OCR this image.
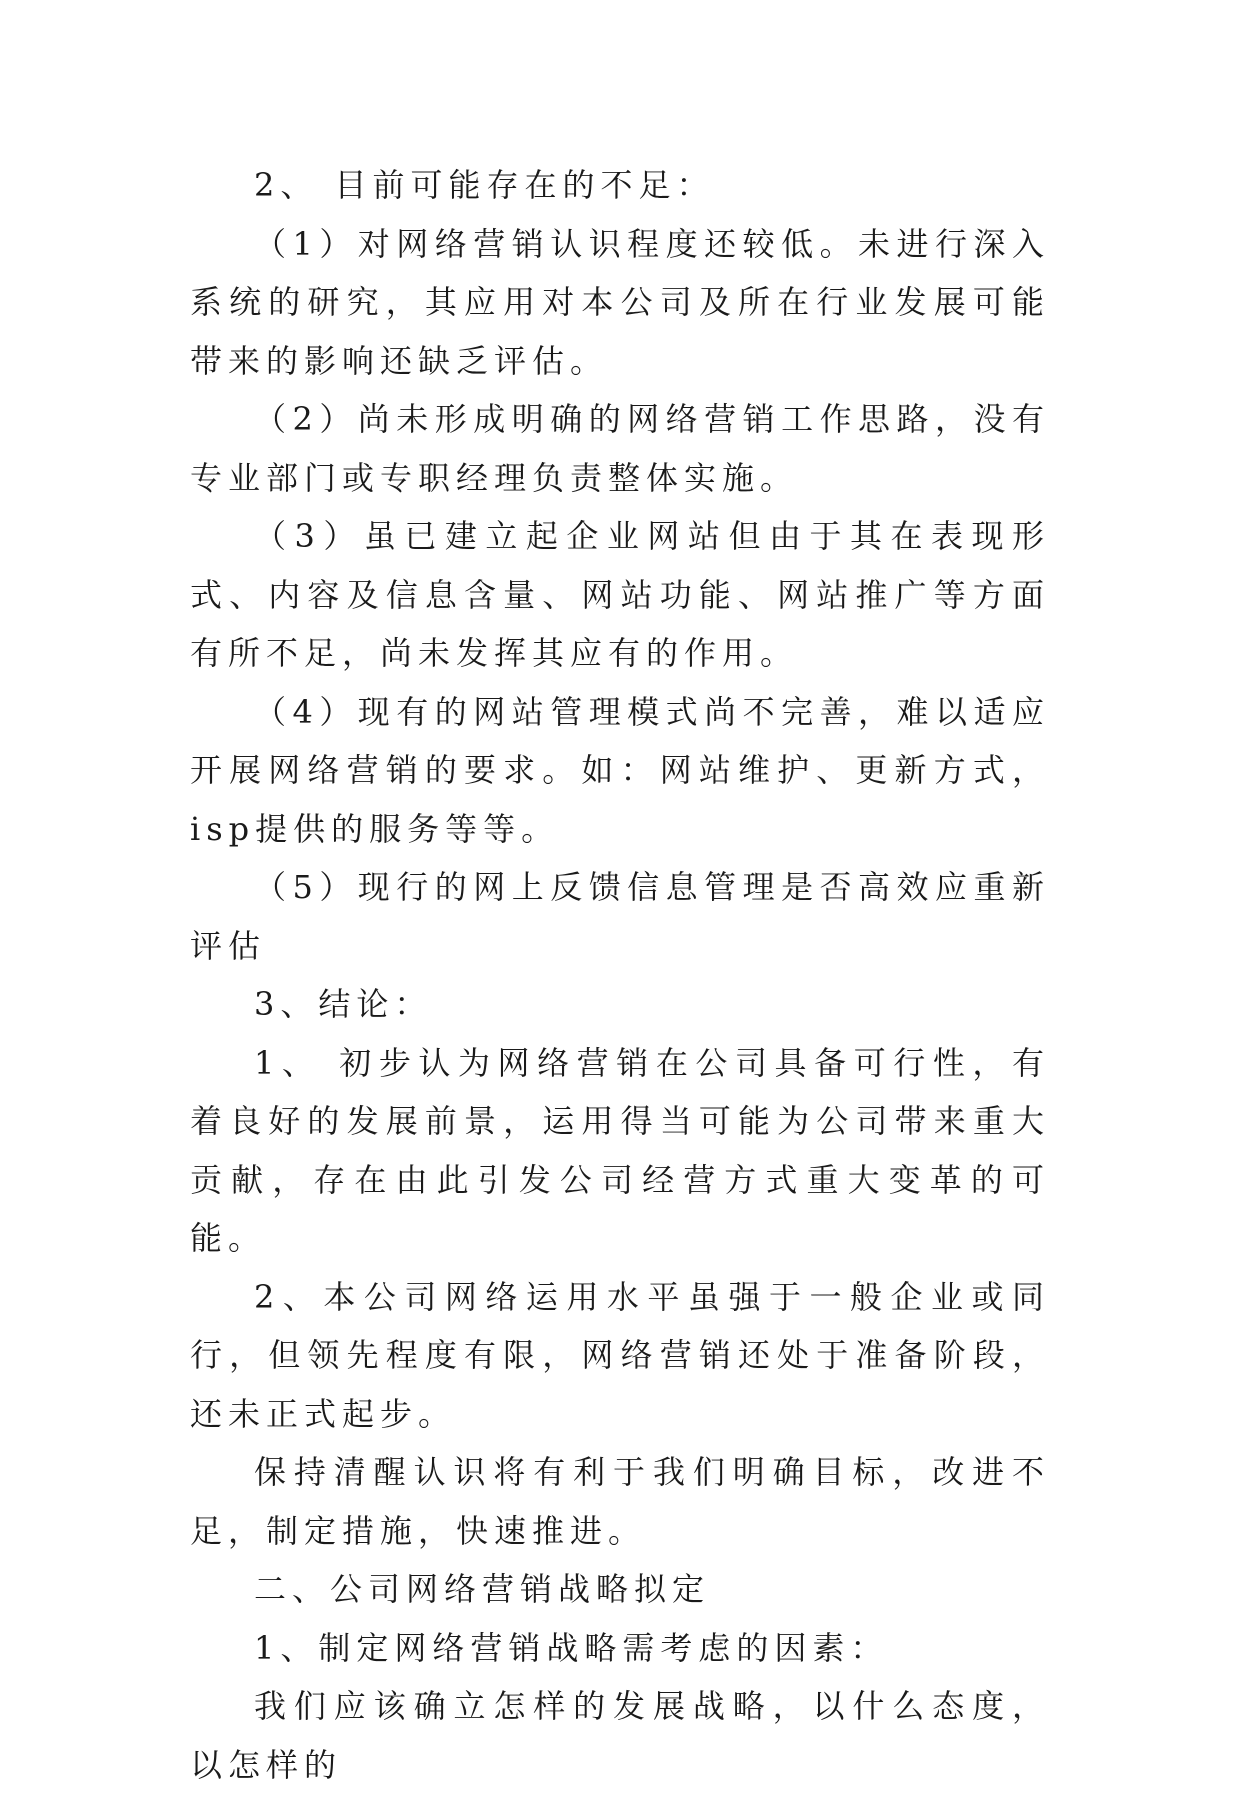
2、 目前可能存在的不足：

（1）对网络营销认识程度还较低。未进行深入系统的研究，其应用对本公司及所在行业发展可能带来的影响还缺乏评估。

（2）尚未形成明确的网络营销工作思路，没有专业部门或专职经理负责整体实施。

（3）虽已建立起企业网站但由于其在表现形式、内容及信息含量、网站功能、网站推广等方面有所不足，尚未发挥其应有的作用。

（4）现有的网站管理模式尚不完善，难以适应开展网络营销的要求。如：网站维护、更新方式，isp提供的服务等等。

（5）现行的网上反馈信息管理是否高效应重新评估

3、结论：

1、 初步认为网络营销在公司具备可行性，有着良好的发展前景，运用得当可能为公司带来重大贡献，存在由此引发公司经营方式重大变革的可能。

2、本公司网络运用水平虽强于一般企业或同行，但领先程度有限，网络营销还处于准备阶段，还未正式起步。

保持清醒认识将有利于我们明确目标，改进不足，制定措施，快速推进。

二、公司网络营销战略拟定

1、制定网络营销战略需考虑的因素：

我们应该确立怎样的发展战略，以什么态度，以怎样的
